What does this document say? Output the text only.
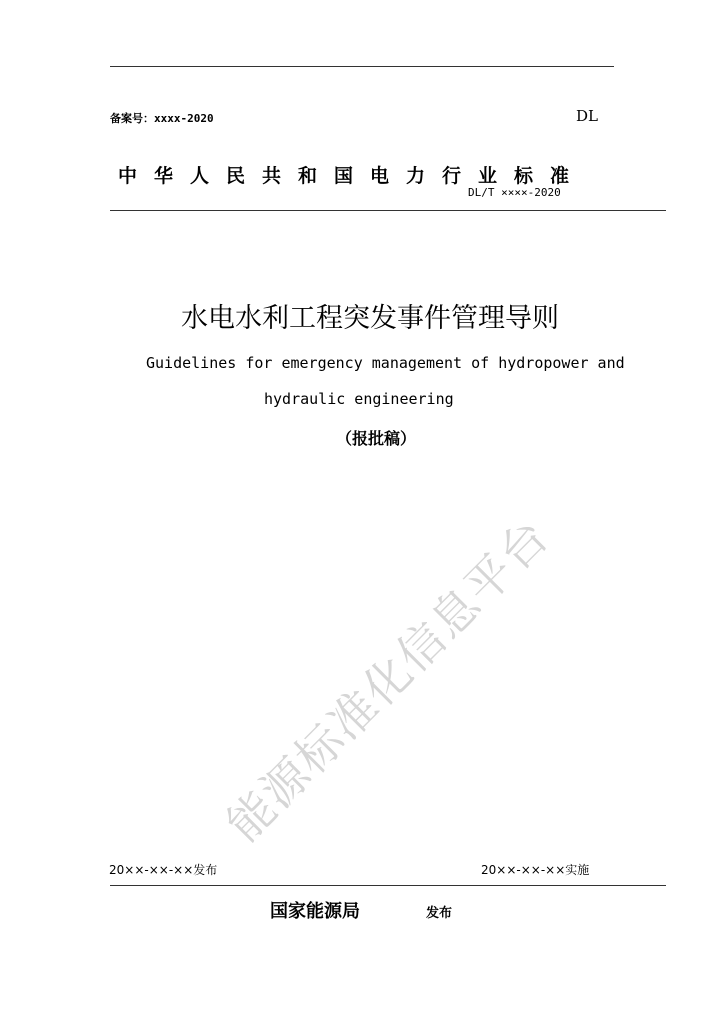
备案号：xxxx-2020	DL
中华人民共和国电力行业标准
DL/T ××××-2020
水电水利工程突发事件管理导则
Guidelines for emergency management of hydropower and
hydraulic engineering
（报批稿）
能源标准化信息平台
20××-××-××发布	20××-××-××实施
国家能源局	发布
